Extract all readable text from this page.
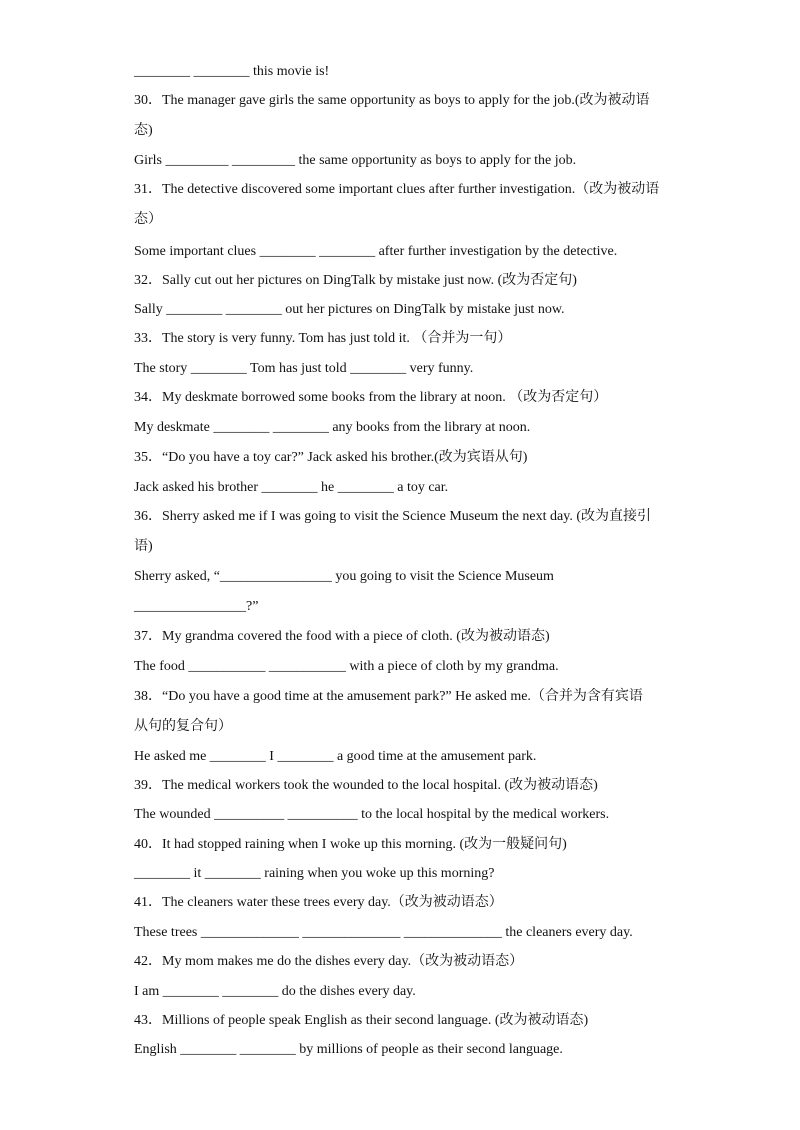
________ ________ this movie is!
30．The manager gave girls the same opportunity as boys to apply for the job.(改为被动语
态)
Girls _________ _________ the same opportunity as boys to apply for the job.
31．The detective discovered some important clues after further investigation.（改为被动语
态）
Some important clues ________ ________ after further investigation by the detective.
32．Sally cut out her pictures on DingTalk by mistake just now. (改为否定句)
Sally ________ ________ out her pictures on DingTalk by mistake just now.
33．The story is very funny. Tom has just told it. （合并为一句）
The story ________ Tom has just told ________ very funny.
34．My deskmate borrowed some books from the library at noon. （改为否定句）
My deskmate ________ ________ any books from the library at noon.
35．“Do you have a toy car?” Jack asked his brother.(改为宾语从句)
Jack asked his brother ________ he ________ a toy car.
36．Sherry asked me if I was going to visit the Science Museum the next day. (改为直接引
语)
Sherry asked, “________________ you going to visit the Science Museum
________________?”
37．My grandma covered the food with a piece of cloth. (改为被动语态)
The food ___________ ___________ with a piece of cloth by my grandma.
38．“Do you have a good time at the amusement park?” He asked me.（合并为含有宾语
从句的复合句）
He asked me ________ I ________ a good time at the amusement park.
39．The medical workers took the wounded to the local hospital. (改为被动语态)
The wounded __________ __________ to the local hospital by the medical workers.
40．It had stopped raining when I woke up this morning. (改为一般疑问句)
________ it ________ raining when you woke up this morning?
41．The cleaners water these trees every day.（改为被动语态）
These trees ______________ ______________ ______________ the cleaners every day.
42．My mom makes me do the dishes every day.（改为被动语态）
I am ________ ________ do the dishes every day.
43．Millions of people speak English as their second language. (改为被动语态)
English ________ ________ by millions of people as their second language.
